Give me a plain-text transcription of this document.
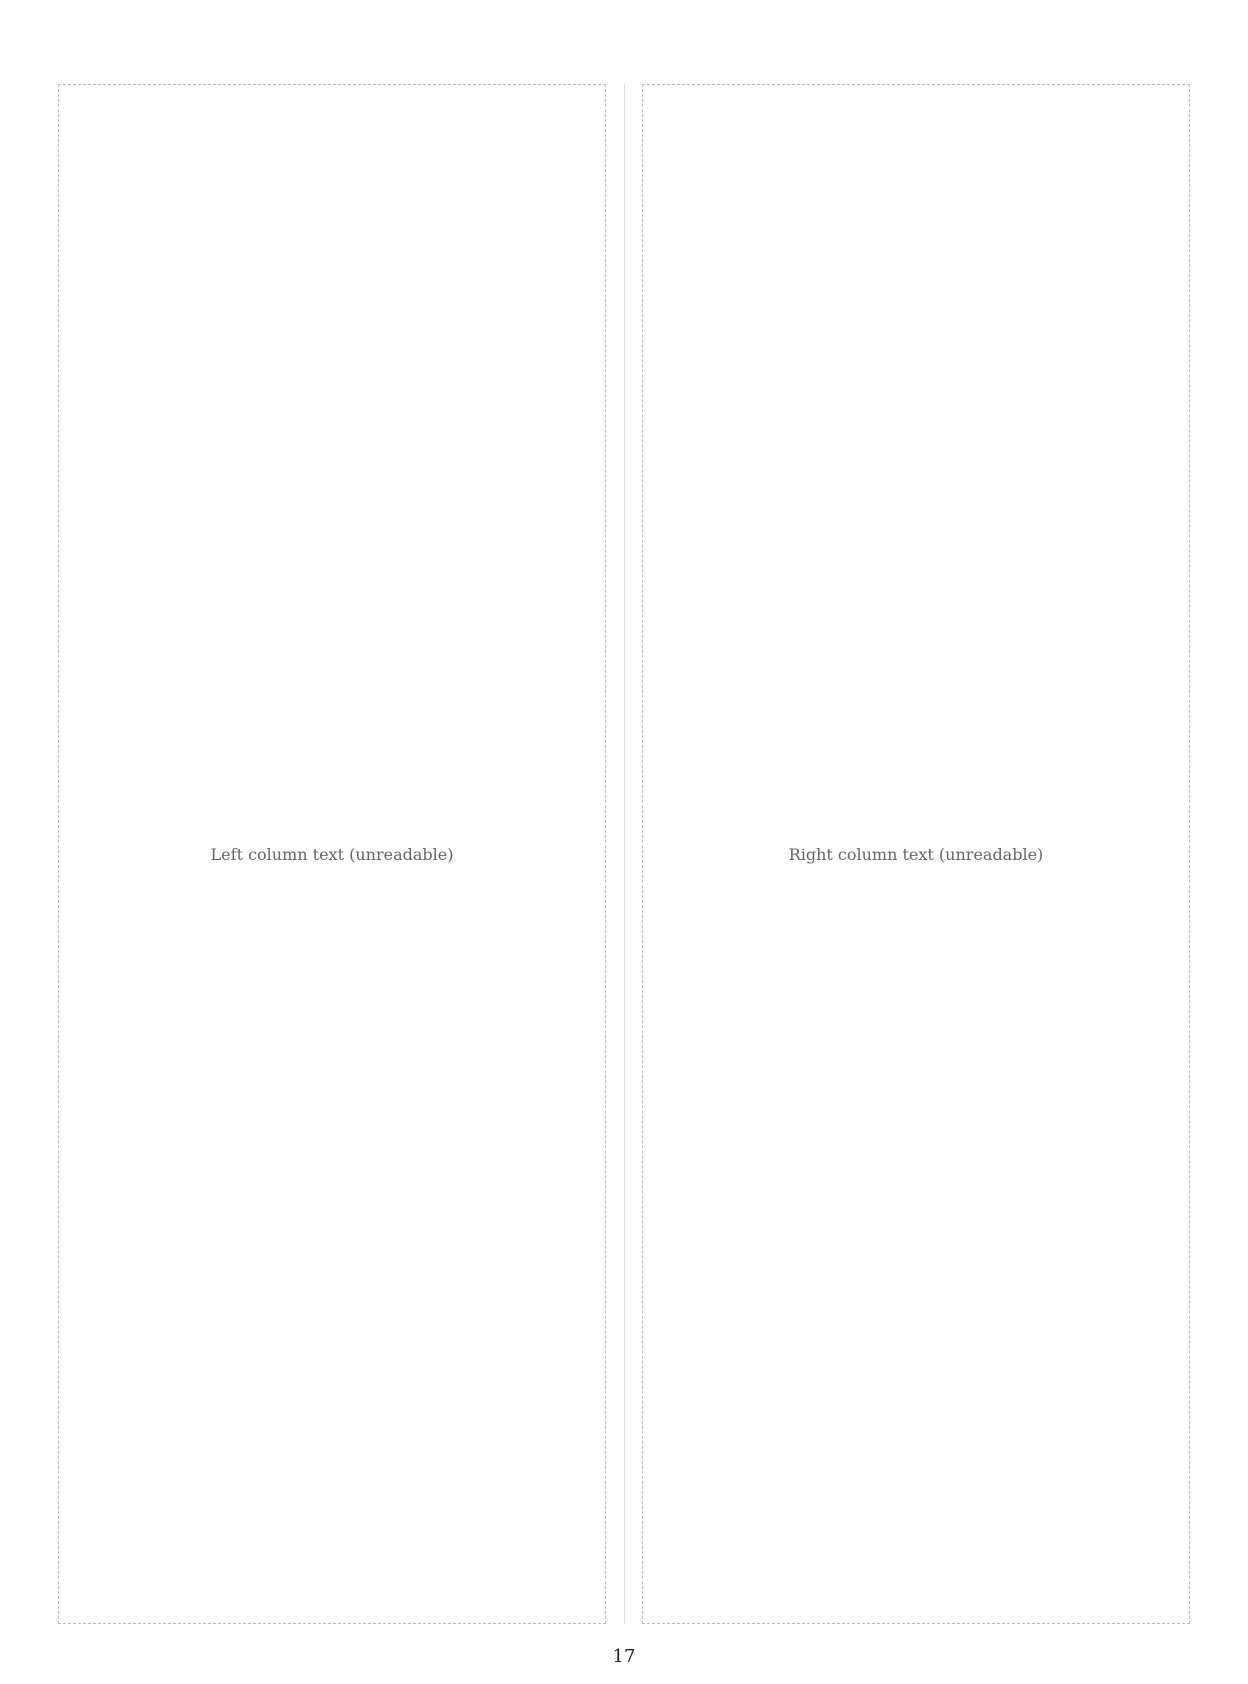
Left column text (unreadable)	Right column text (unreadable)
17
